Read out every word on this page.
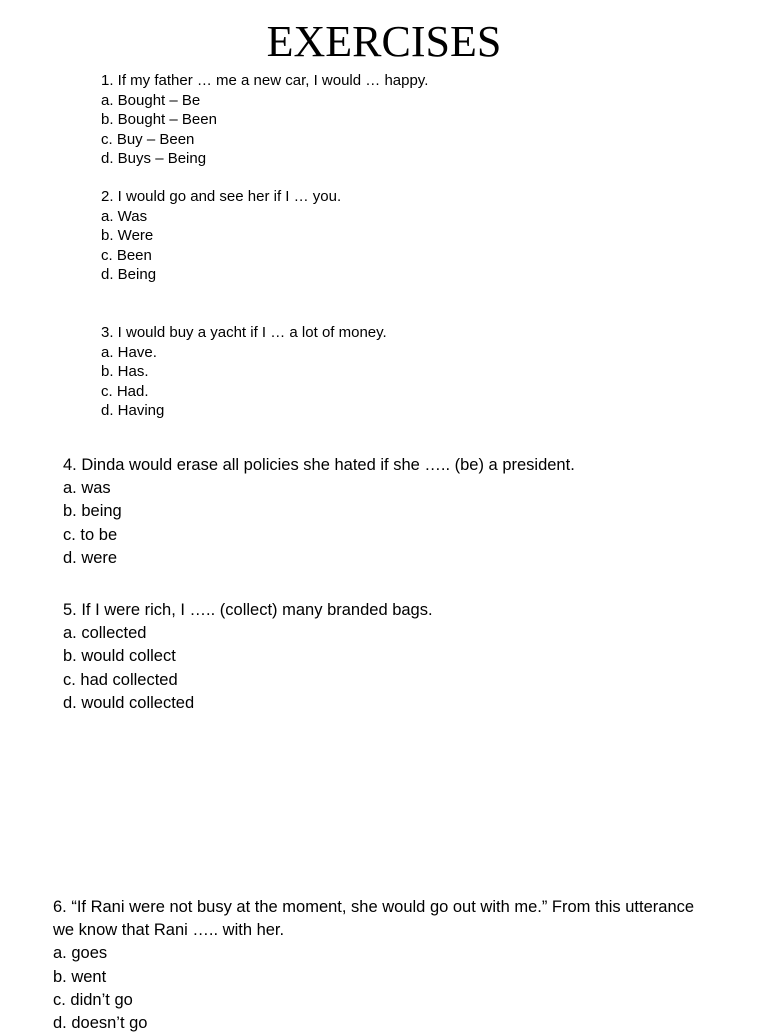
EXERCISES

1. If my father … me a new car, I would … happy.

a. Bought – Be

b. Bought – Been

c. Buy – Been

d. Buys – Being

2. I would go and see her if I … you.

a. Was

b. Were

c. Been

d. Being

3. I would buy a yacht if I … a lot of money.

a. Have.

b. Has.

c. Had.

d. Having

4. Dinda would erase all policies she hated if she ….. (be) a president.

a. was

b. being

c. to be

d. were

5. If I were rich, I ….. (collect) many branded bags.

a. collected

b. would collect

c. had collected

d. would collected

6. “If Rani were not busy at the moment, she would go out with me.” From this utterance we know that Rani ….. with her.

a. goes

b. went

c. didn’t go

d. doesn’t go
